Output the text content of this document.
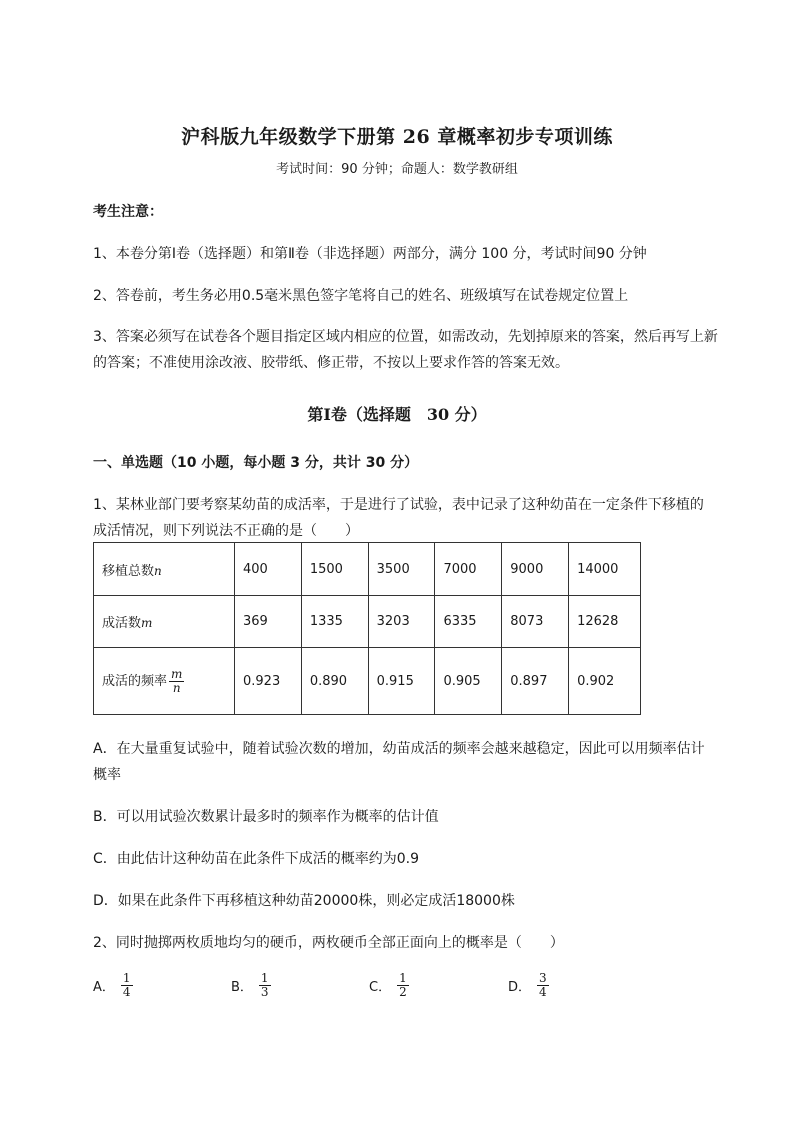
沪科版九年级数学下册第 26 章概率初步专项训练
考试时间：90 分钟；命题人：数学教研组
考生注意：
1、本卷分第Ⅰ卷（选择题）和第Ⅱ卷（非选择题）两部分，满分 100 分，考试时间90 分钟
2、答卷前，考生务必用0.5毫米黑色签字笔将自己的姓名、班级填写在试卷规定位置上
3、答案必须写在试卷各个题目指定区域内相应的位置，如需改动，先划掉原来的答案，然后再写上新
的答案；不准使用涂改液、胶带纸、修正带，不按以上要求作答的答案无效。
第Ⅰ卷（选择题　30 分）
一、单选题（10 小题，每小题 3 分，共计 30 分）
1、某林业部门要考察某幼苗的成活率，于是进行了试验，表中记录了这种幼苗在一定条件下移植的
成活情况，则下列说法不正确的是（　　）
移植总数n	400	1500	3500	7000	9000	14000
成活数m	369	1335	3203	6335	8073	12628
成活的频率 $\frac{m}{n}$	0.923	0.890	0.915	0.905	0.897	0.902
A．在大量重复试验中，随着试验次数的增加，幼苗成活的频率会越来越稳定，因此可以用频率估计
概率
B．可以用试验次数累计最多时的频率作为概率的估计值
C．由此估计这种幼苗在此条件下成活的概率约为0.9
D．如果在此条件下再移植这种幼苗20000株，则必定成活18000株
2、同时抛掷两枚质地均匀的硬币，两枚硬币全部正面向上的概率是（　　）
A． $\frac{1}{4}$	B． $\frac{1}{3}$	C． $\frac{1}{2}$	D． $\frac{3}{4}$
